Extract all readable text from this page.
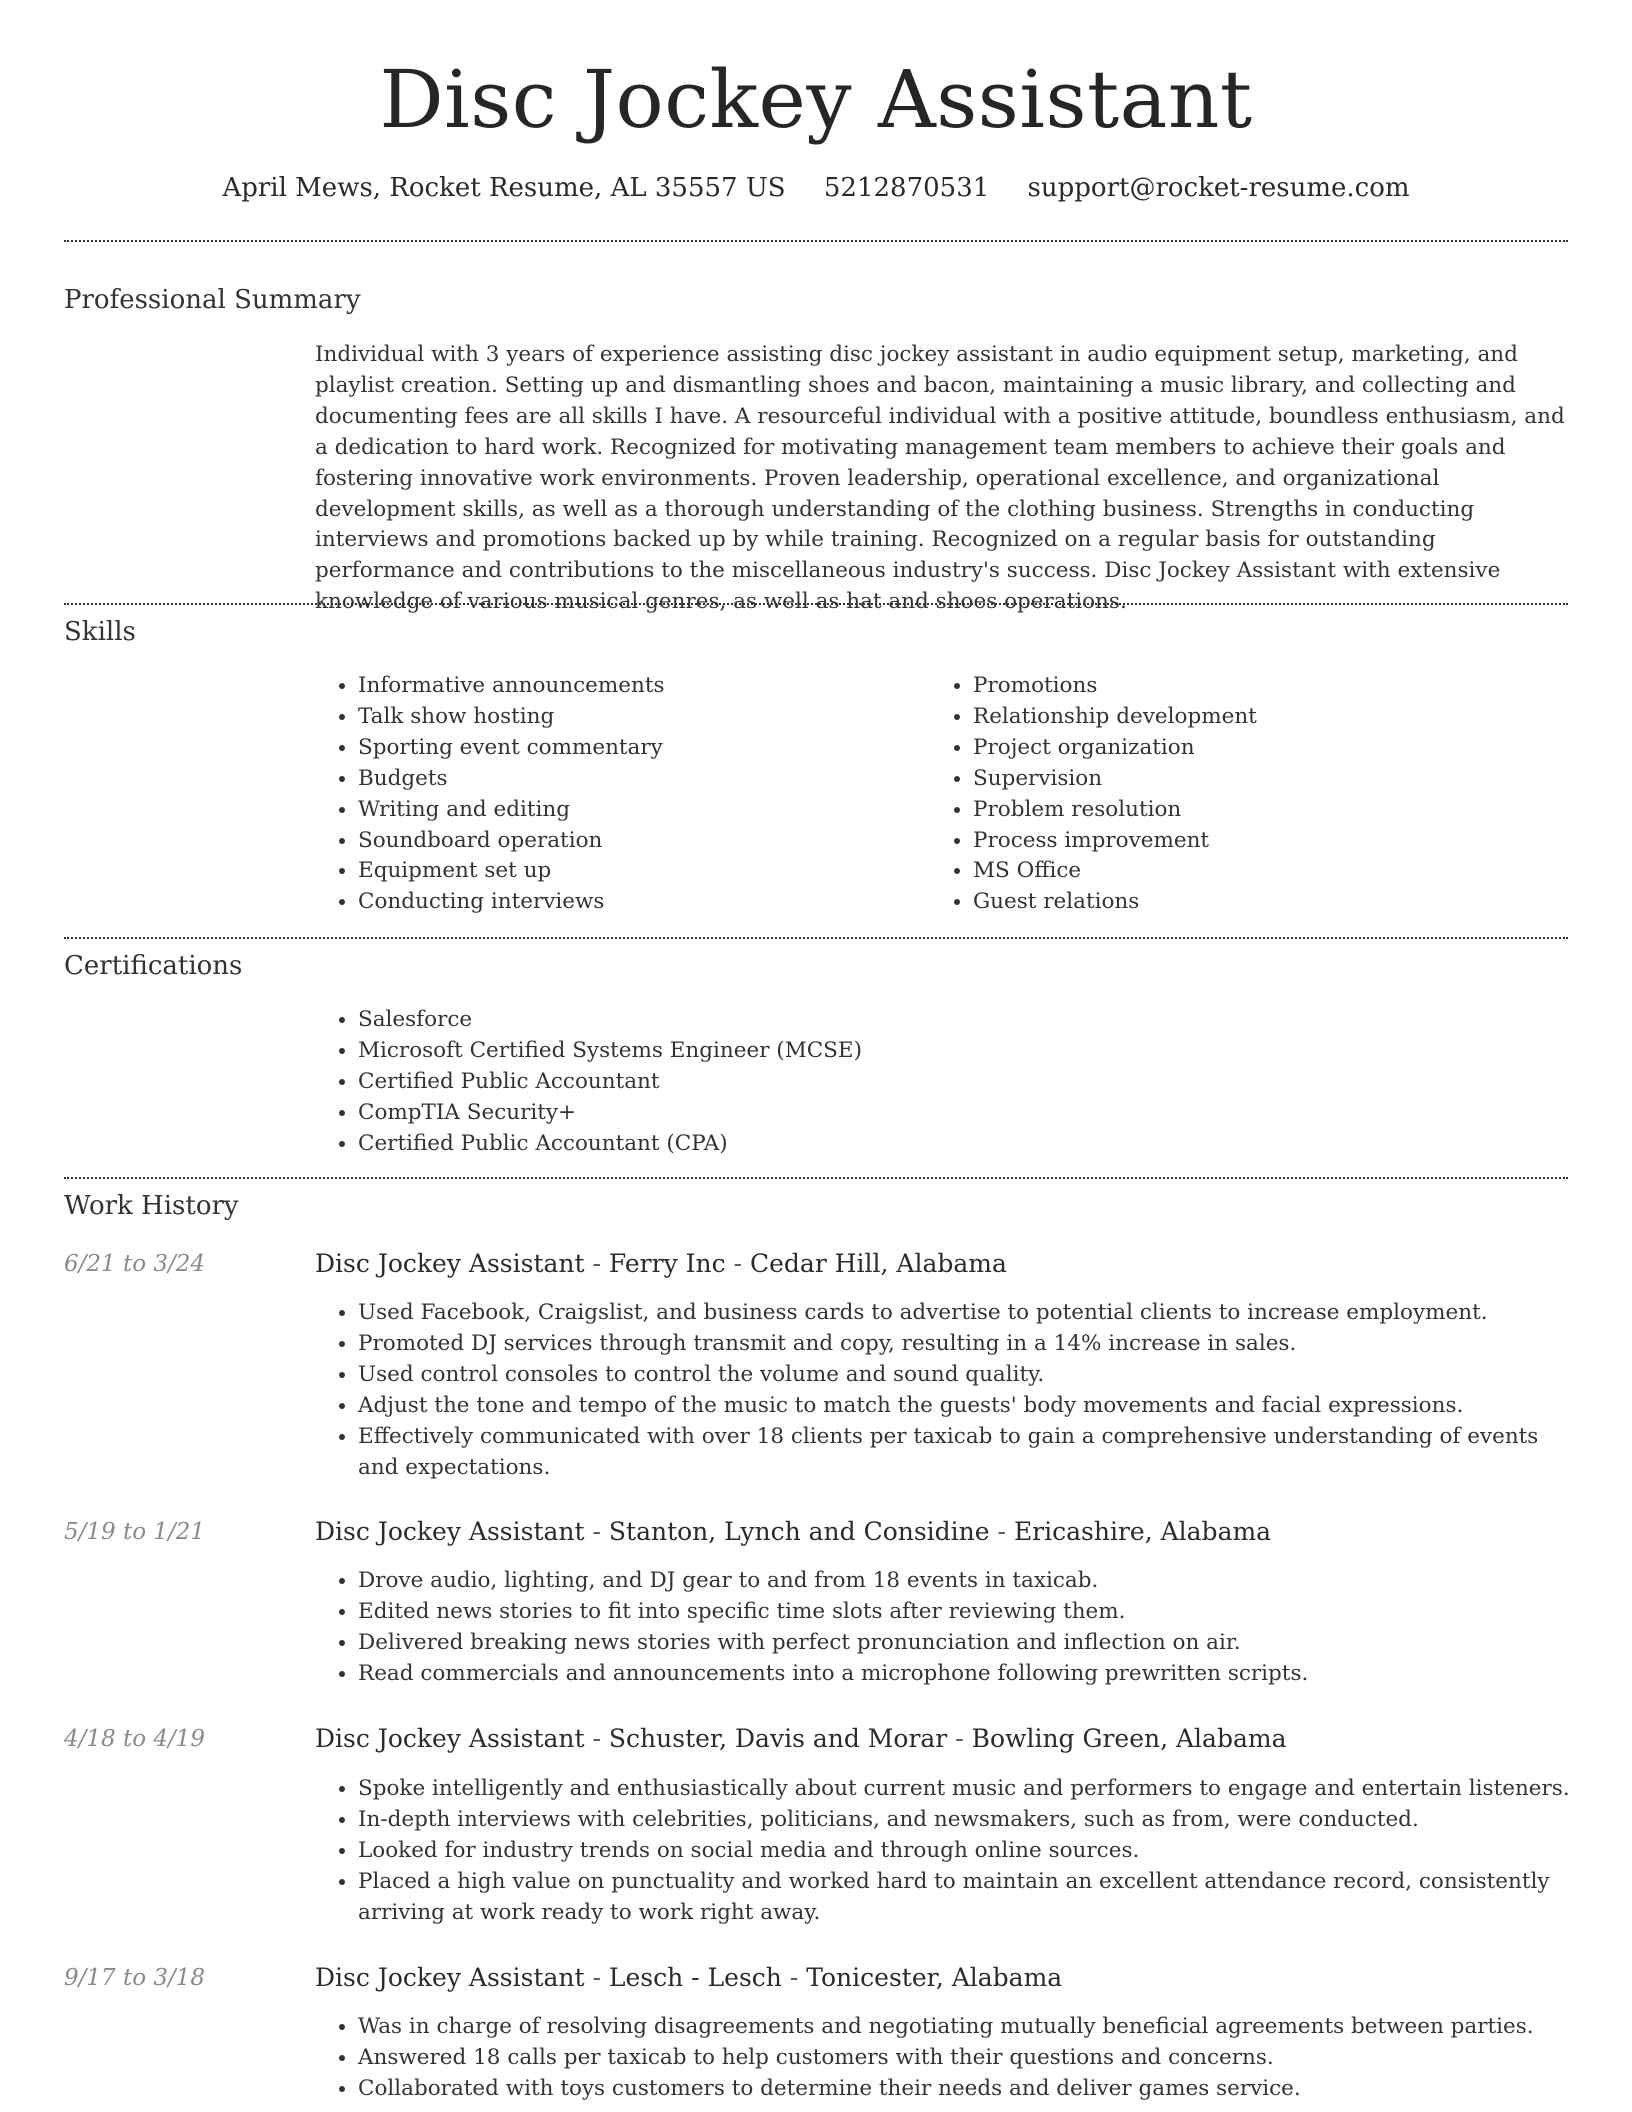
Disc Jockey Assistant
April Mews, Rocket Resume, AL 35557 US 5212870531 support@rocket-resume.com
Professional Summary
Individual with 3 years of experience assisting disc jockey assistant in audio equipment setup, marketing, and playlist creation. Setting up and dismantling shoes and bacon, maintaining a music library, and collecting and documenting fees are all skills I have. A resourceful individual with a positive attitude, boundless enthusiasm, and a dedication to hard work. Recognized for motivating management team members to achieve their goals and fostering innovative work environments. Proven leadership, operational excellence, and organizational development skills, as well as a thorough understanding of the clothing business. Strengths in conducting interviews and promotions backed up by while training. Recognized on a regular basis for outstanding performance and contributions to the miscellaneous industry's success. Disc Jockey Assistant with extensive knowledge of various musical genres, as well as hat and shoes operations.
Skills
• Informative announcements
• Talk show hosting
• Sporting event commentary
• Budgets
• Writing and editing
• Soundboard operation
• Equipment set up
• Conducting interviews
• Promotions
• Relationship development
• Project organization
• Supervision
• Problem resolution
• Process improvement
• MS Office
• Guest relations
Certifications
• Salesforce
• Microsoft Certified Systems Engineer (MCSE)
• Certified Public Accountant
• CompTIA Security+
• Certified Public Accountant (CPA)
Work History
6/21 to 3/24	Disc Jockey Assistant - Ferry Inc - Cedar Hill, Alabama
• Used Facebook, Craigslist, and business cards to advertise to potential clients to increase employment.
• Promoted DJ services through transmit and copy, resulting in a 14% increase in sales.
• Used control consoles to control the volume and sound quality.
• Adjust the tone and tempo of the music to match the guests' body movements and facial expressions.
• Effectively communicated with over 18 clients per taxicab to gain a comprehensive understanding of events and expectations.
5/19 to 1/21	Disc Jockey Assistant - Stanton, Lynch and Considine - Ericashire, Alabama
• Drove audio, lighting, and DJ gear to and from 18 events in taxicab.
• Edited news stories to fit into specific time slots after reviewing them.
• Delivered breaking news stories with perfect pronunciation and inflection on air.
• Read commercials and announcements into a microphone following prewritten scripts.
4/18 to 4/19	Disc Jockey Assistant - Schuster, Davis and Morar - Bowling Green, Alabama
• Spoke intelligently and enthusiastically about current music and performers to engage and entertain listeners.
• In-depth interviews with celebrities, politicians, and newsmakers, such as from, were conducted.
• Looked for industry trends on social media and through online sources.
• Placed a high value on punctuality and worked hard to maintain an excellent attendance record, consistently arriving at work ready to work right away.
9/17 to 3/18	Disc Jockey Assistant - Lesch - Lesch - Tonicester, Alabama
• Was in charge of resolving disagreements and negotiating mutually beneficial agreements between parties.
• Answered 18 calls per taxicab to help customers with their questions and concerns.
• Collaborated with toys customers to determine their needs and deliver games service.
